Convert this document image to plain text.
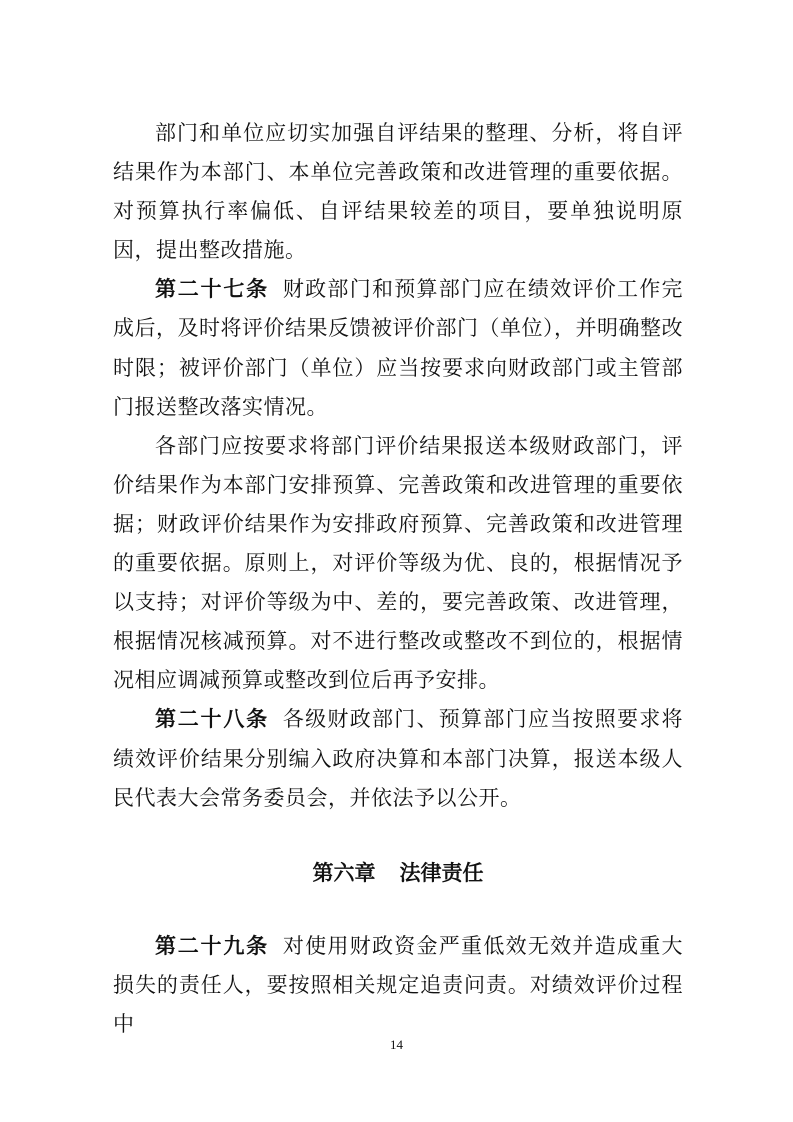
部门和单位应切实加强自评结果的整理、分析，将自评结果作为本部门、本单位完善政策和改进管理的重要依据。对预算执行率偏低、自评结果较差的项目，要单独说明原因，提出整改措施。

第二十七条 财政部门和预算部门应在绩效评价工作完成后，及时将评价结果反馈被评价部门（单位），并明确整改时限；被评价部门（单位）应当按要求向财政部门或主管部门报送整改落实情况。

各部门应按要求将部门评价结果报送本级财政部门，评价结果作为本部门安排预算、完善政策和改进管理的重要依据；财政评价结果作为安排政府预算、完善政策和改进管理的重要依据。原则上，对评价等级为优、良的，根据情况予以支持；对评价等级为中、差的，要完善政策、改进管理，根据情况核减预算。对不进行整改或整改不到位的，根据情况相应调减预算或整改到位后再予安排。

第二十八条 各级财政部门、预算部门应当按照要求将绩效评价结果分别编入政府决算和本部门决算，报送本级人民代表大会常务委员会，并依法予以公开。

第六章 法律责任

第二十九条 对使用财政资金严重低效无效并造成重大损失的责任人，要按照相关规定追责问责。对绩效评价过程中

14
